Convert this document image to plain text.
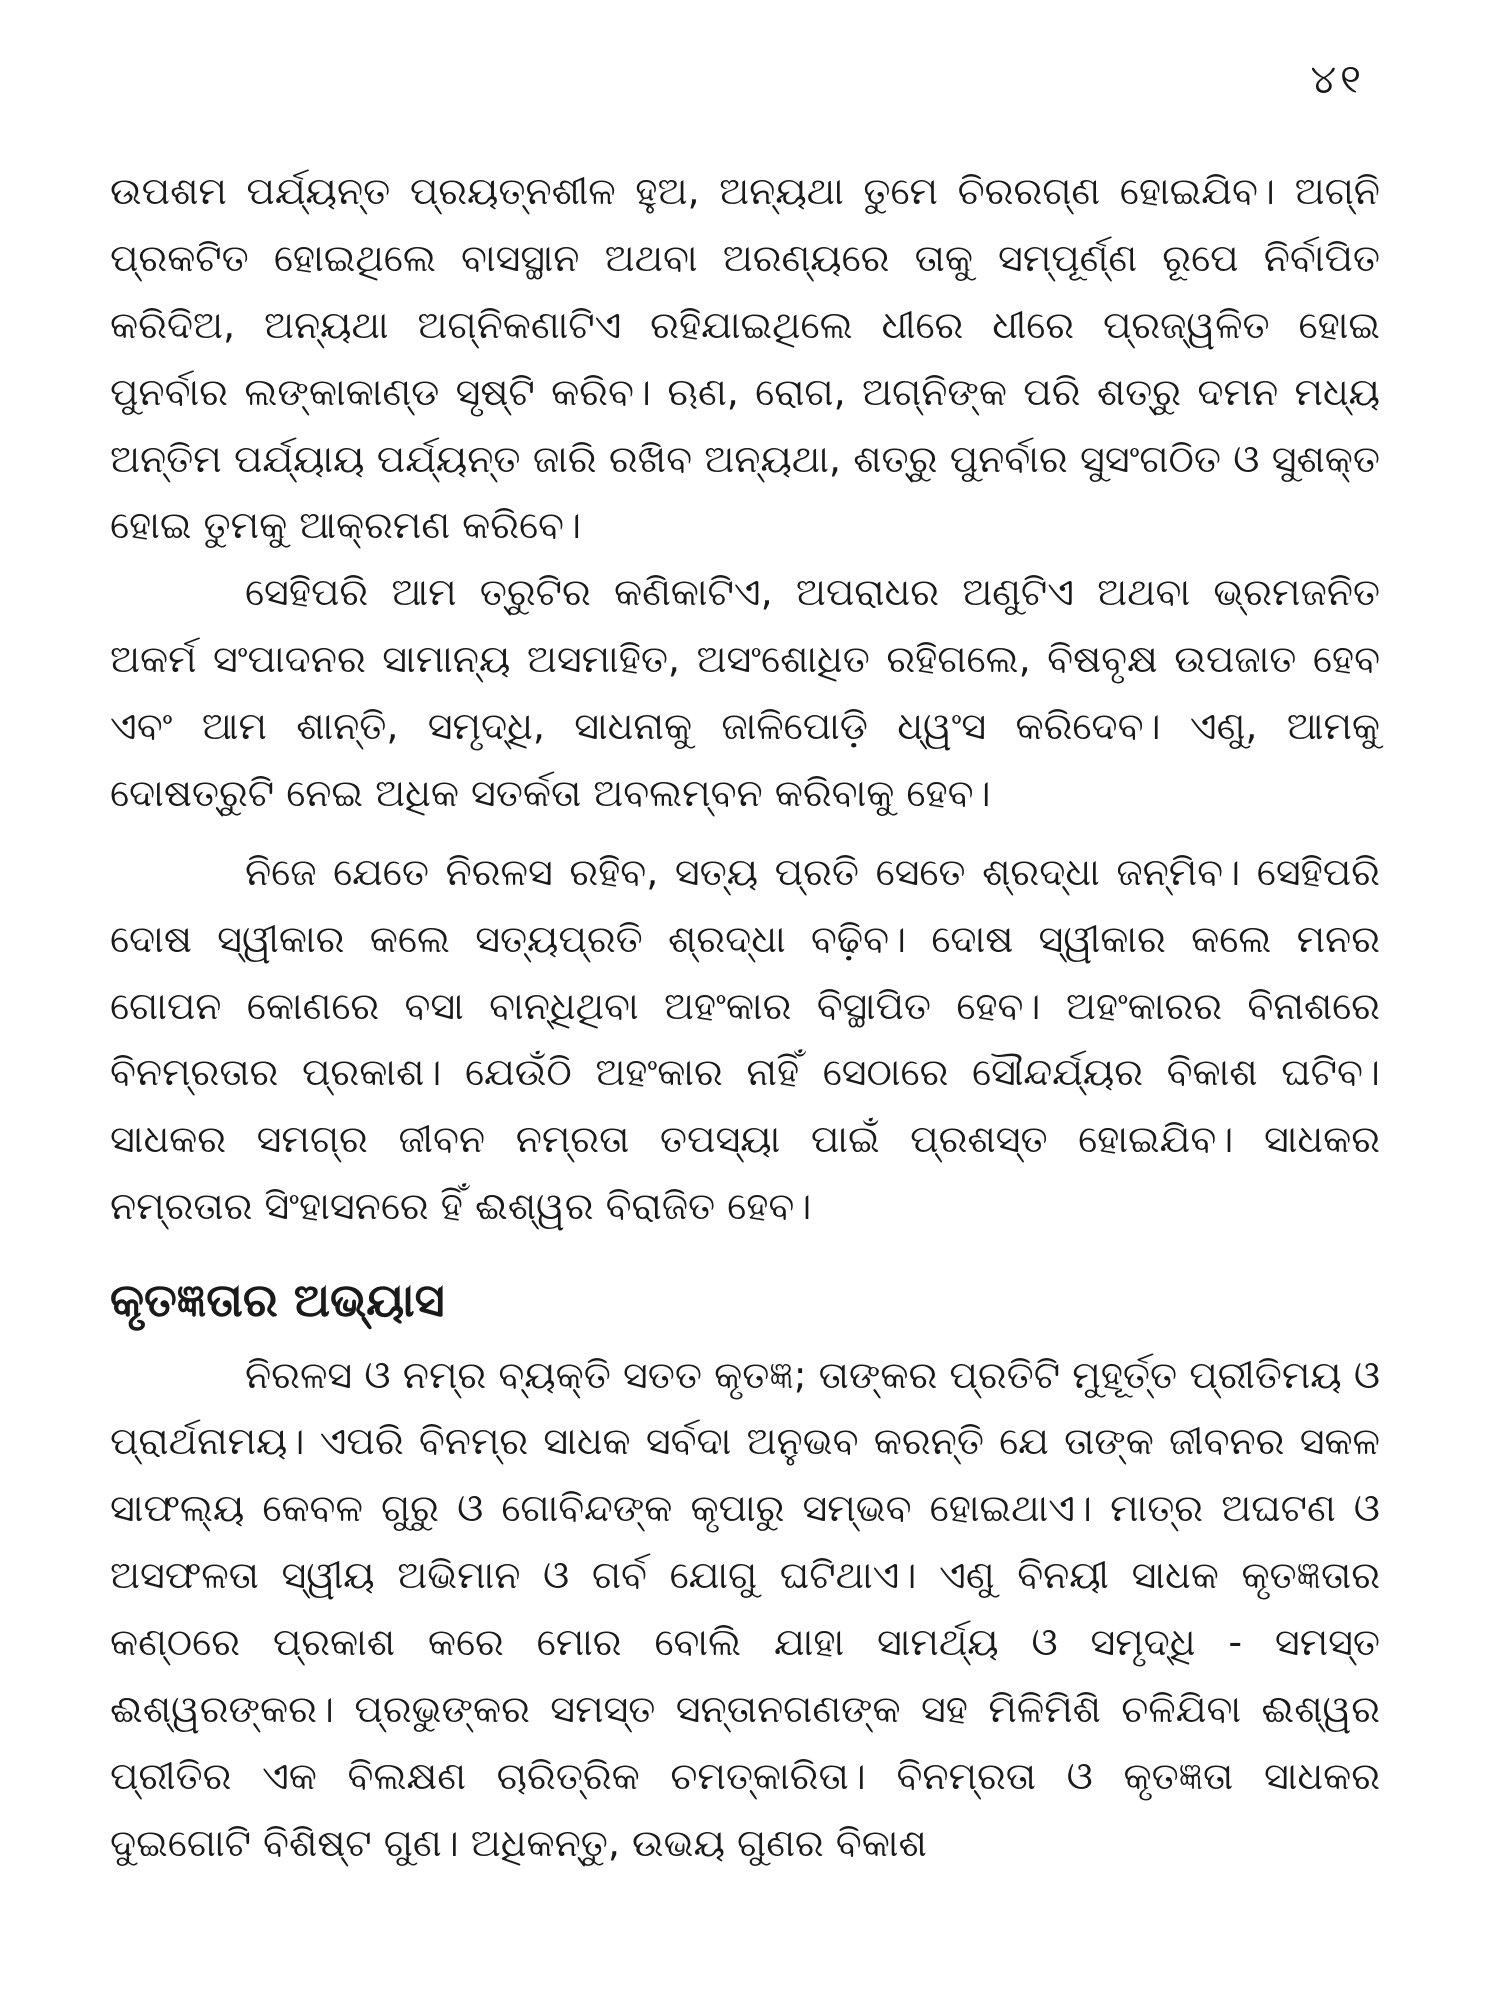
୪୧

ଉପଶମ ପର୍ଯ୍ୟନ୍ତ ପ୍ରୟତ୍ନଶୀଳ ହୁଅ, ଅନ୍ୟଥା ତୁମେ ଚିରରଗ୍ଣ ହୋଇଯିବ। ଅଗ୍ନି ପ୍ରକଟିତ ହୋଇଥିଲେ ବାସସ୍ଥାନ ଅଥବା ଅରଣ୍ୟରେ ତାକୁ ସମ୍ପୂର୍ଣ୍ଣ ରୂପେ ନିର୍ବାପିତ କରିଦିଅ, ଅନ୍ୟଥା ଅଗ୍ନିକଣାଟିଏ ରହିଯାଇଥିଲେ ଧୀରେ ଧୀରେ ପ୍ରଜ୍ୱଳିତ ହୋଇ ପୁନର୍ବାର ଲଙ୍କାକାଣ୍ଡ ସୃଷ୍ଟି କରିବ। ଋଣ, ରୋଗ, ଅଗ୍ନିଙ୍କ ପରି ଶତ୍ରୁ ଦମନ ମଧ୍ୟ ଅନ୍ତିମ ପର୍ଯ୍ୟାୟ ପର୍ଯ୍ୟନ୍ତ ଜାରି ରଖିବ ଅନ୍ୟଥା, ଶତ୍ରୁ ପୁନର୍ବାର ସୁସଂଗଠିତ ଓ ସୁଶକ୍ତ ହୋଇ ତୁମକୁ ଆକ୍ରମଣ କରିବେ।

ସେହିପରି ଆମ ତ୍ରୁଟିର କଣିକାଟିଏ, ଅପରାଧର ଅଣୁଟିଏ ଅଥବା ଭ୍ରମଜନିତ ଅକର୍ମ ସଂପାଦନର ସାମାନ୍ୟ ଅସମାହିତ, ଅସଂଶୋଧିତ ରହିଗଲେ, ବିଷବୃକ୍ଷ ଉପଜାତ ହେବ ଏବଂ ଆମ ଶାନ୍ତି, ସମୃଦ୍ଧି, ସାଧନାକୁ ଜାଳିପୋଡ଼ି ଧ୍ୱଂସ କରିଦେବ। ଏଣୁ, ଆମକୁ ଦୋଷତ୍ରୁଟି ନେଇ ଅଧିକ ସତର୍କତା ଅବଲମ୍ବନ କରିବାକୁ ହେବ।

ନିଜେ ଯେତେ ନିରଳସ ରହିବ, ସତ୍ୟ ପ୍ରତି ସେତେ ଶ୍ରଦ୍ଧା ଜନ୍ମିବ। ସେହିପରି ଦୋଷ ସ୍ୱୀକାର କଲେ ସତ୍ୟପ୍ରତି ଶ୍ରଦ୍ଧା ବଢ଼ିବ। ଦୋଷ ସ୍ୱୀକାର କଲେ ମନର ଗୋପନ କୋଣରେ ବସା ବାନ୍ଧିଥିବା ଅହଂକାର ବିସ୍ଥାପିତ ହେବ। ଅହଂକାରର ବିନାଶରେ ବିନମ୍ରତାର ପ୍ରକାଶ। ଯେଉଁଠି ଅହଂକାର ନାହିଁ ସେଠାରେ ସୌନ୍ଦର୍ଯ୍ୟର ବିକାଶ ଘଟିବ। ସାଧକର ସମଗ୍ର ଜୀବନ ନମ୍ରତା ତପସ୍ୟା ପାଇଁ ପ୍ରଶସ୍ତ ହୋଇଯିବ। ସାଧକର ନମ୍ରତାର ସିଂହାସନରେ ହିଁ ଈଶ୍ୱର ବିରାଜିତ ହେବ।

କୃତଜ୍ଞତାର ଅଭ୍ୟାସ

ନିରଳସ ଓ ନମ୍ର ବ୍ୟକ୍ତି ସତତ କୃତଜ୍ଞ; ତାଙ୍କର ପ୍ରତିଟି ମୁହୂର୍ତ୍ତ ପ୍ରୀତିମୟ ଓ ପ୍ରାର୍ଥନାମୟ। ଏପରି ବିନମ୍ର ସାଧକ ସର୍ବଦା ଅନୁଭବ କରନ୍ତି ଯେ ତାଙ୍କ ଜୀବନର ସକଳ ସାଫଲ୍ୟ କେବଳ ଗୁରୁ ଓ ଗୋବିନ୍ଦଙ୍କ କୃପାରୁ ସମ୍ଭବ ହୋଇଥାଏ। ମାତ୍ର ଅଘଟଣ ଓ ଅସଫଳତା ସ୍ୱୀୟ ଅଭିମାନ ଓ ଗର୍ବ ଯୋଗୁ ଘଟିଥାଏ। ଏଣୁ ବିନୟୀ ସାଧକ କୃତଜ୍ଞତାର କଣ୍ଠରେ ପ୍ରକାଶ କରେ ମୋର ବୋଲି ଯାହା ସାମର୍ଥ୍ୟ ଓ ସମୃଦ୍ଧି - ସମସ୍ତ ଈଶ୍ୱରଙ୍କର। ପ୍ରଭୁଙ୍କର ସମସ୍ତ ସନ୍ତାନଗଣଙ୍କ ସହ ମିଳିମିଶି ଚଳିଯିବା ଈଶ୍ୱର ପ୍ରୀତିର ଏକ ବିଲକ୍ଷଣ ଚାରିତ୍ରିକ ଚମତ୍କାରିତା। ବିନମ୍ରତା ଓ କୃତଜ୍ଞତା ସାଧକର ଦୁଇଗୋଟି ବିଶିଷ୍ଟ ଗୁଣ। ଅଧିକନ୍ତୁ, ଉଭୟ ଗୁଣର ବିକାଶ
